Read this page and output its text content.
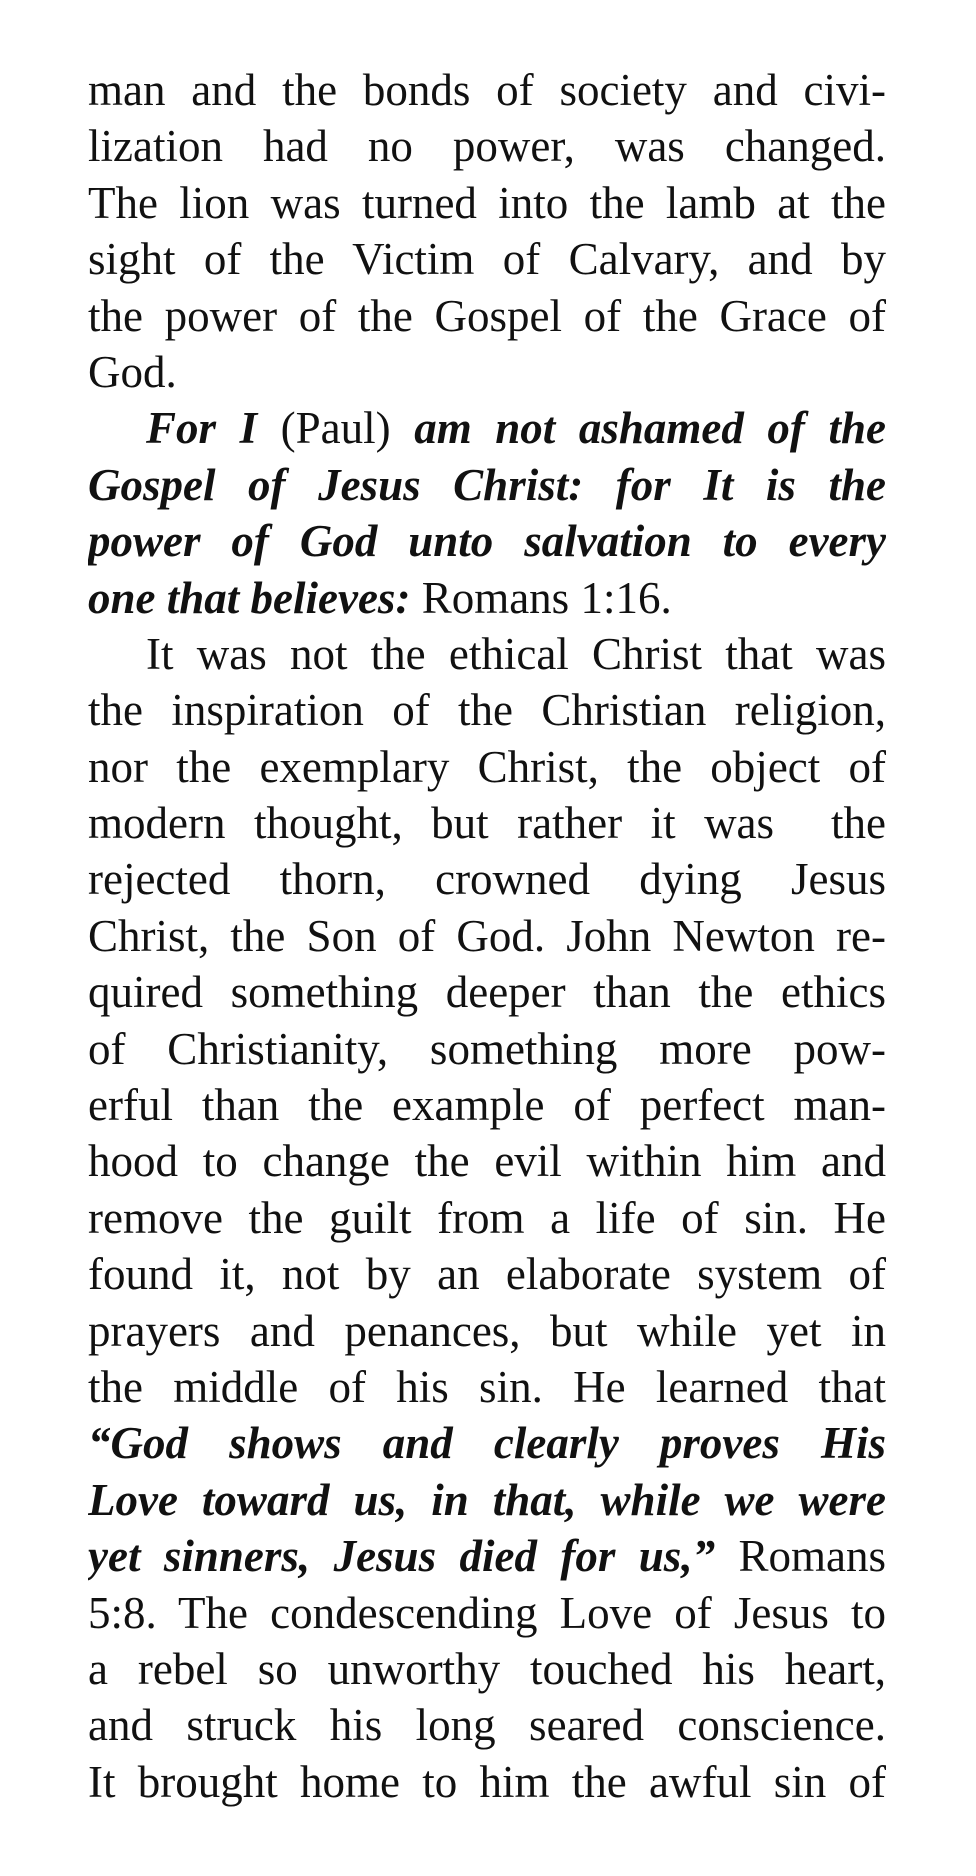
man and the bonds of society and civi-
lization had no power, was changed.
The lion was turned into the lamb at the
sight of the Victim of Calvary, and by
the power of the Gospel of the Grace of
God.
For I (Paul) am not ashamed of the
Gospel of Jesus Christ: for It is the
power of God unto salvation to every
one that believes: Romans 1:16.
It was not the ethical Christ that was
the inspiration of the Christian religion,
nor the exemplary Christ, the object of
modern thought, but rather it was  the
rejected thorn, crowned dying Jesus
Christ, the Son of God. John Newton re-
quired something deeper than the ethics
of Christianity, something more pow-
erful than the example of perfect man-
hood to change the evil within him and
remove the guilt from a life of sin. He
found it, not by an elaborate system of
prayers and penances, but while yet in
the middle of his sin. He learned that
“God shows and clearly proves His
Love toward us, in that, while we were
yet sinners, Jesus died for us,” Romans
5:8. The condescending Love of Jesus to
a rebel so unworthy touched his heart,
and struck his long seared conscience.
It brought home to him the awful sin of
